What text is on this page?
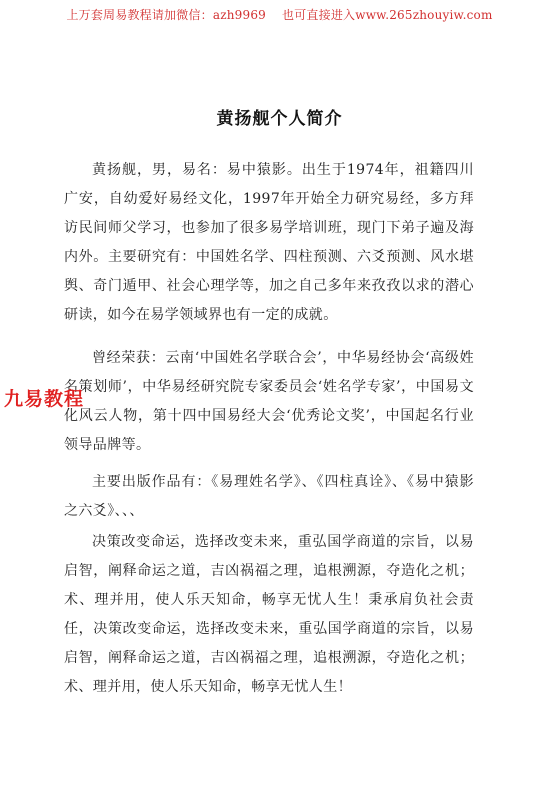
上万套周易教程请加微信：azh9969 也可直接进入www.265zhouyiw.com
黄扬舰个人简介

黄扬舰，男，易名：易中猿影。出生于1974年，祖籍四川广安，自幼爱好易经文化，1997年开始全力研究易经，多方拜访民间师父学习，也参加了很多易学培训班，现门下弟子遍及海内外。主要研究有：中国姓名学、四柱预测、六爻预测、风水堪舆、奇门遁甲、社会心理学等，加之自己多年来孜孜以求的潜心研读，如今在易学领域界也有一定的成就。

曾经荣获：云南‘中国姓名学联合会’，中华易经协会‘高级姓名策划师’，中华易经研究院专家委员会‘姓名学专家’，中国易文化风云人物，第十四中国易经大会‘优秀论文奖’，中国起名行业领导品牌等。

主要出版作品有：《易理姓名学》、《四柱真诠》、《易中猿影之六爻》、、、

决策改变命运，选择改变未来，重弘国学商道的宗旨，以易启智，阐释命运之道，吉凶祸福之理，追根溯源，夺造化之机；术、理并用，使人乐天知命，畅享无忧人生！秉承肩负社会责任，决策改变命运，选择改变未来，重弘国学商道的宗旨，以易启智，阐释命运之道，吉凶祸福之理，追根溯源，夺造化之机；术、理并用，使人乐天知命，畅享无忧人生！

九易教程
